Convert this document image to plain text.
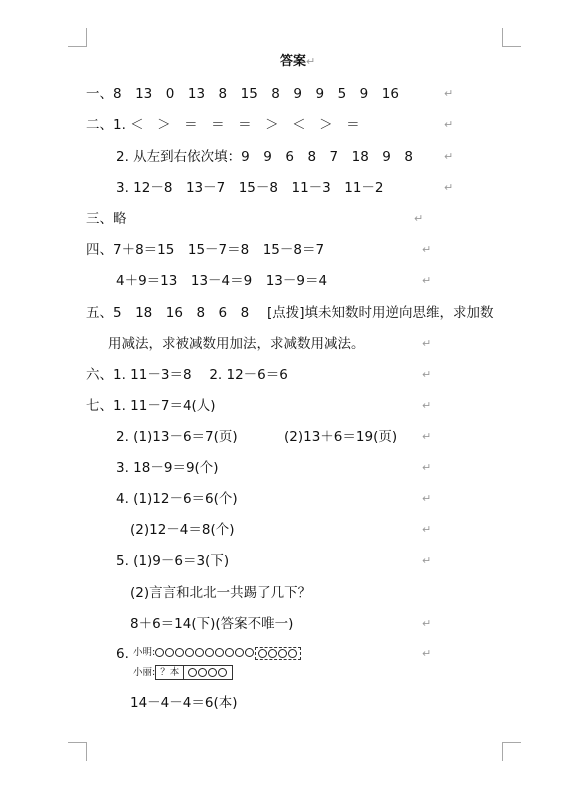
答案↵
一、8　13　0　13　8　15　8　9　9　5　9　16	↵
二、1. ＜　＞　＝　＝　＝　＞　＜　＞　＝	↵
2. 从左到右依次填：9　9　6　8　7　18　9　8	↵
3. 12－8　13－7　15－8　11－3　11－2	↵
三、略	↵
四、7＋8＝15　15－7＝8　15－8＝7	↵
4＋9＝13　13－4＝9　13－9＝4	↵
五、5　18　16　8　6　8　 [点拨]填未知数时用逆向思维，求加数
用减法，求被减数用加法，求减数用减法。	↵
六、1. 11－3＝8　 2. 12－6＝6	↵
七、1. 11－7＝4(人)	↵
2. (1)13－6＝7(页)	(2)13＋6＝19(页) ↵
3. 18－9＝9(个)	↵
4. (1)12－6＝6(个)	↵
(2)12－4＝8(个)	↵
5. (1)9－6＝3(下)	↵
(2)言言和北北一共踢了几下？
8＋6＝14(下)(答案不唯一)	↵
6.	↵
小明:
小丽: ？本
14－4－4＝6(本)
